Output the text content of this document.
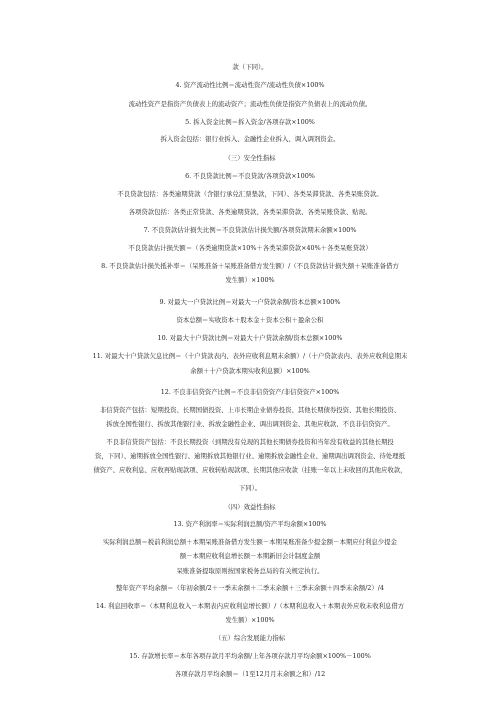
款（下同）。
4. 资产流动性比例＝流动性资产/流动性负债×100%
流动性资产是指资产负债表上的流动资产；流动性负债是指资产负债表上的流动负债。
5. 拆入资金比例＝拆入资金/各项存款×100%
拆入资金包括：银行业拆入、金融性企业拆入、调入调剂资金。
（三）安全性指标
6. 不良贷款比例＝不良贷款/各项贷款×100%
不良贷款包括：各类逾期贷款（含银行承兑汇票垫款，下同）、各类呆滞贷款、各类呆账贷款。
各项贷款包括：各类正常贷款、各类逾期贷款、各类呆滞贷款、各类呆账贷款、贴现。
7. 不良贷款估计损失比例＝不良贷款估计损失额/各项贷款期末余额×100%
不良贷款估计损失额＝（各类逾期贷款×10%＋各类呆滞贷款×40%＋各类呆账贷款）
8. 不良贷款估计损失抵补率＝（呆账准备＋呆账准备借方发生额）/（不良贷款估计损失额＋呆账准备借方
发生额）×100%
9. 对最大一户贷款比例＝对最大一户贷款余额/资本总额×100%
资本总额＝实收资本＋股本金＋资本公积＋盈余公积
10. 对最大十户贷款比例＝对最大十户贷款余额/资本总额×100%
11. 对最大十户贷款欠息比例＝（十户贷款表内、表外应收利息期末余额）/（十户贷款表内、表外应收利息期末
余额＋十户贷款本期实收利息额）×100%
12. 不良非信贷资产比例＝不良非信贷资产/非信贷资产×100%
非信贷资产包括：短期投资、长期国债投资、上市长期企业债券投资、其他长期债券投资、其他长期投资、
拆放全国性银行、拆放其他银行业、拆放金融性企业、调出调剂资金、其他应收款、不良非信贷资产。
不良非信贷资产包括：不良长期投资（到期没有兑现的其他长期债券投资和当年没有收益的其他长期投
资，下同）、逾期拆放全国性银行、逾期拆放其他银行业、逾期拆放金融性企业、逾期调出调剂资金、待处理抵
债资产、应收利息、应收再贴现款项、应收转贴现款项、长期其他应收款（挂账一年以上未收回的其他应收款，
下同）。
（四）效益性指标
13. 资产利润率＝实际利润总额/资产平均余额×100%
实际利润总额＝税前利润总额＋本期呆账准备借方发生额－本期呆账准备少提金额－本期应付利息少提金
额－本期应收利息增长额－本期新旧会计制度金额
呆账准备提取原则按国家税务总局的有关规定执行。
整年资产平均余额＝（年初余额/2＋一季末余额＋二季末余额＋三季末余额＋四季末余额/2）/4
14. 利息回收率＝（本期利息收入－本期表内应收利息增长额）/（本期利息收入＋本期表外应收未收利息借方
发生额）×100%
（五）综合发展能力指标
15. 存款增长率＝本年各项存款月平均余额/上年各项存款月平均余额×100%－100%
各项存款月平均余额＝（1至12月月末余额之和）/12
